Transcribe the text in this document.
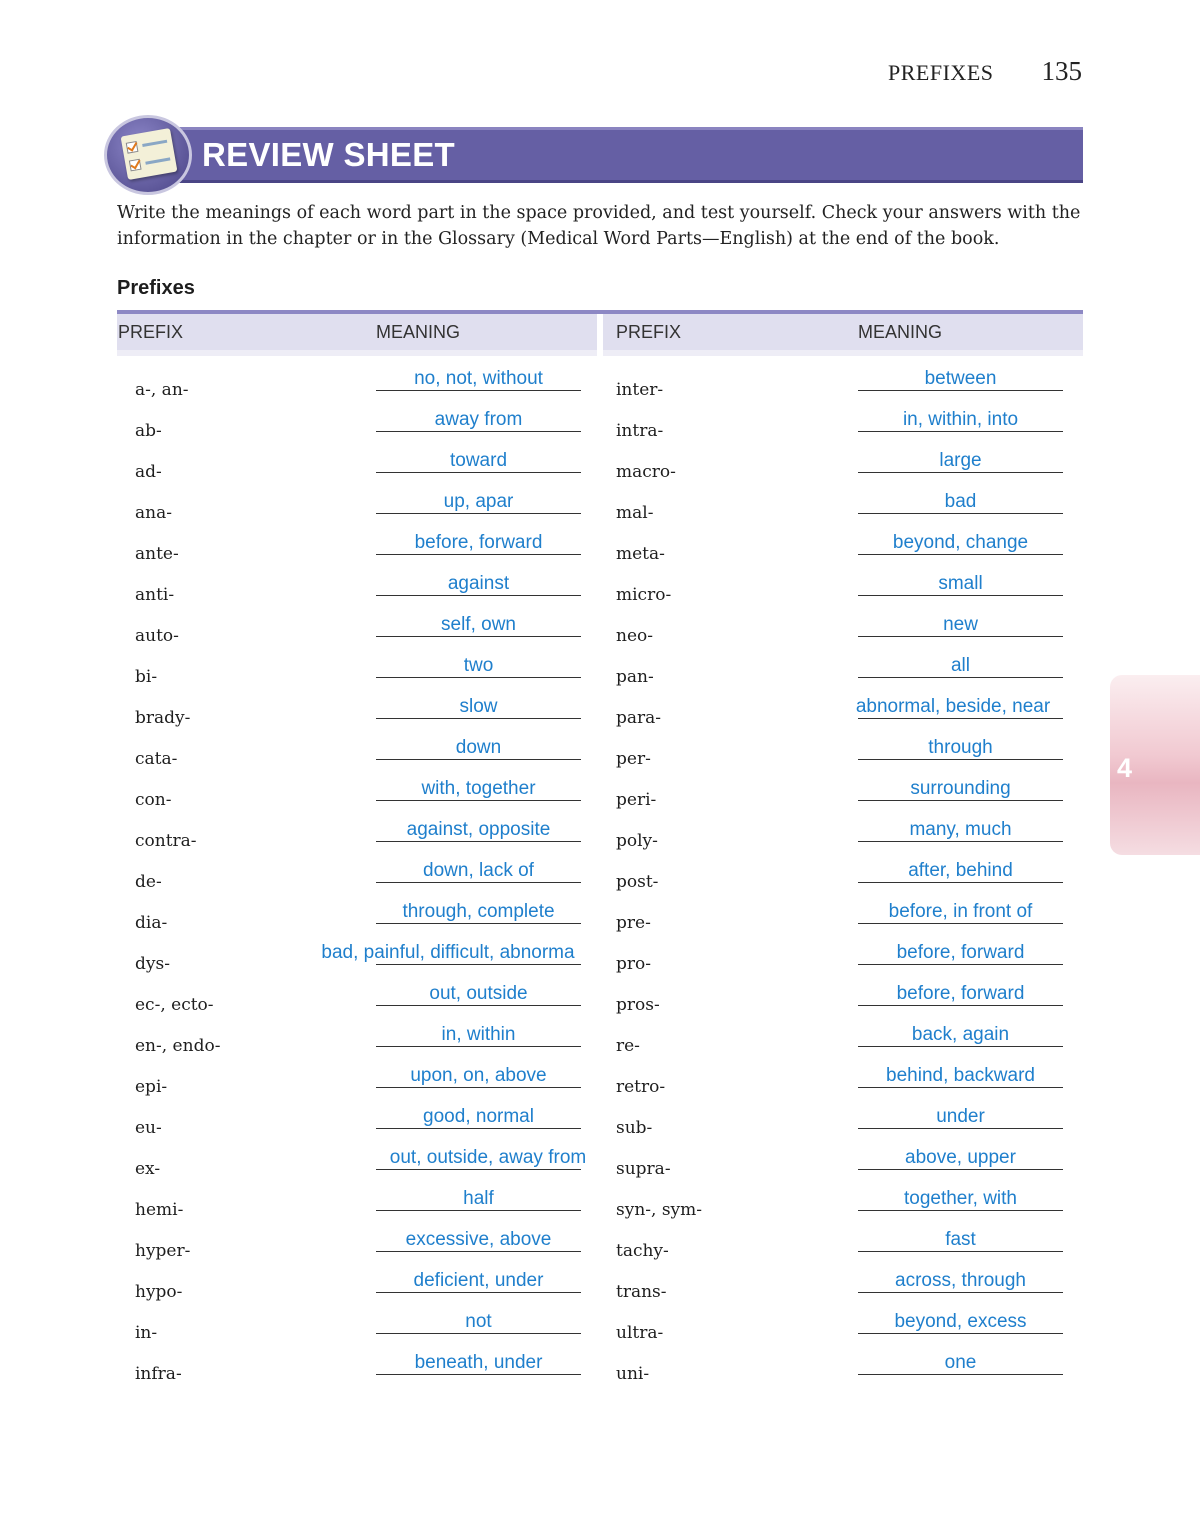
PREFIXES 135
REVIEW SHEET
Write the meanings of each word part in the space provided, and test yourself. Check your answers with the information in the chapter or in the Glossary (Medical Word Parts—English) at the end of the book.
Prefixes
PREFIX	MEANING
a-, an-
no, not, without
ab-
away from
ad-
toward
ana-
up, apar
ante-
before, forward
anti-
against
auto-
self, own
bi-
two
brady-
slow
cata-
down
con-
with, together
contra-
against, opposite
de-
down, lack of
dia-
through, complete
dys-
bad, painful, difficult, abnorma
ec-, ecto-
out, outside
en-, endo-
in, within
epi-
upon, on, above
eu-
good, normal
ex-
out, outside, away from
hemi-
half
hyper-
excessive, above
hypo-
deficient, under
in-
not
infra-
beneath, under
PREFIX	MEANING
inter-
between
intra-
in, within, into
macro-
large
mal-
bad
meta-
beyond, change
micro-
small
neo-
new
pan-
all
para-
abnormal, beside, near
per-
through
peri-
surrounding
poly-
many, much
post-
after, behind
pre-
before, in front of
pro-
before, forward
pros-
before, forward
re-
back, again
retro-
behind, backward
sub-
under
supra-
above, upper
syn-, sym-
together, with
tachy-
fast
trans-
across, through
ultra-
beyond, excess
uni-
one
4
